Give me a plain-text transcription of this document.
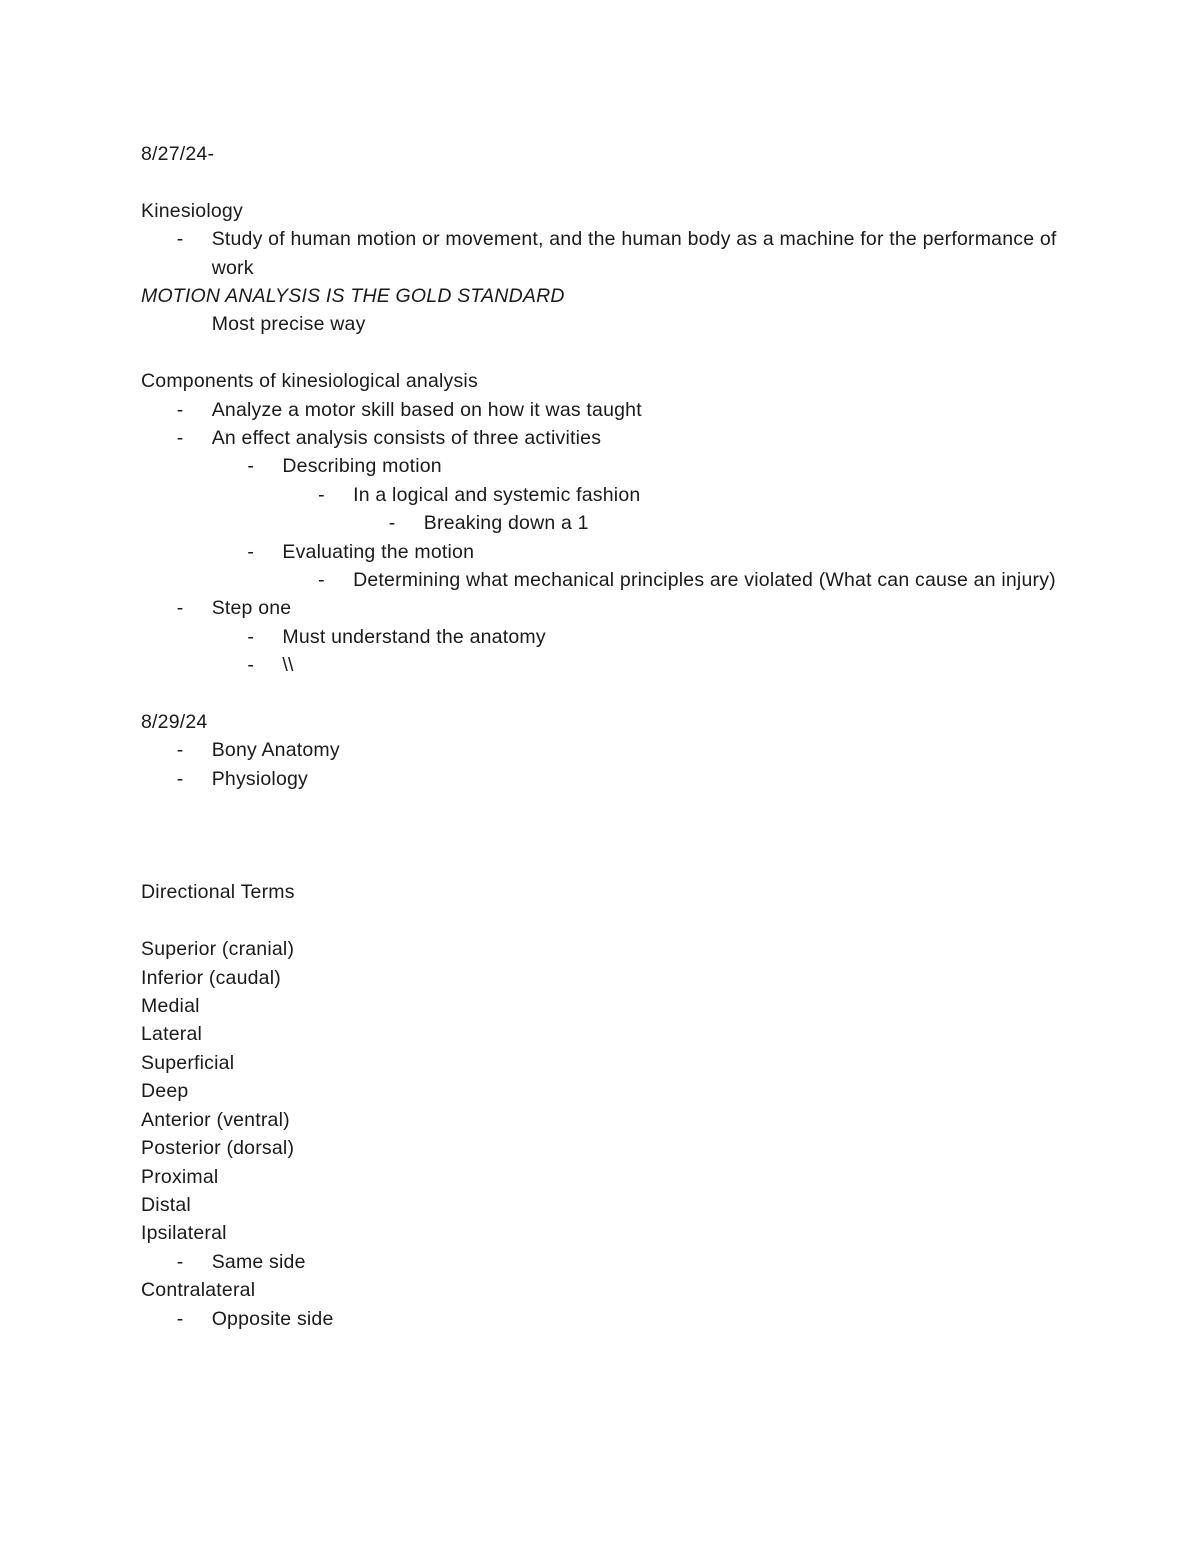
8/27/24-
Kinesiology
- Study of human motion or movement, and the human body as a machine for the performance of work
MOTION ANALYSIS IS THE GOLD STANDARD
Most precise way
Components of kinesiological analysis
- Analyze a motor skill based on how it was taught
- An effect analysis consists of three activities
- Describing motion
- In a logical and systemic fashion
- Breaking down a 1
- Evaluating the motion
- Determining what mechanical principles are violated (What can cause an injury)
- Step one
- Must understand the anatomy
- \\
8/29/24
- Bony Anatomy
- Physiology
Directional Terms
Superior (cranial)
Inferior (caudal)
Medial
Lateral
Superficial
Deep
Anterior (ventral)
Posterior (dorsal)
Proximal
Distal
Ipsilateral
- Same side
Contralateral
- Opposite side
